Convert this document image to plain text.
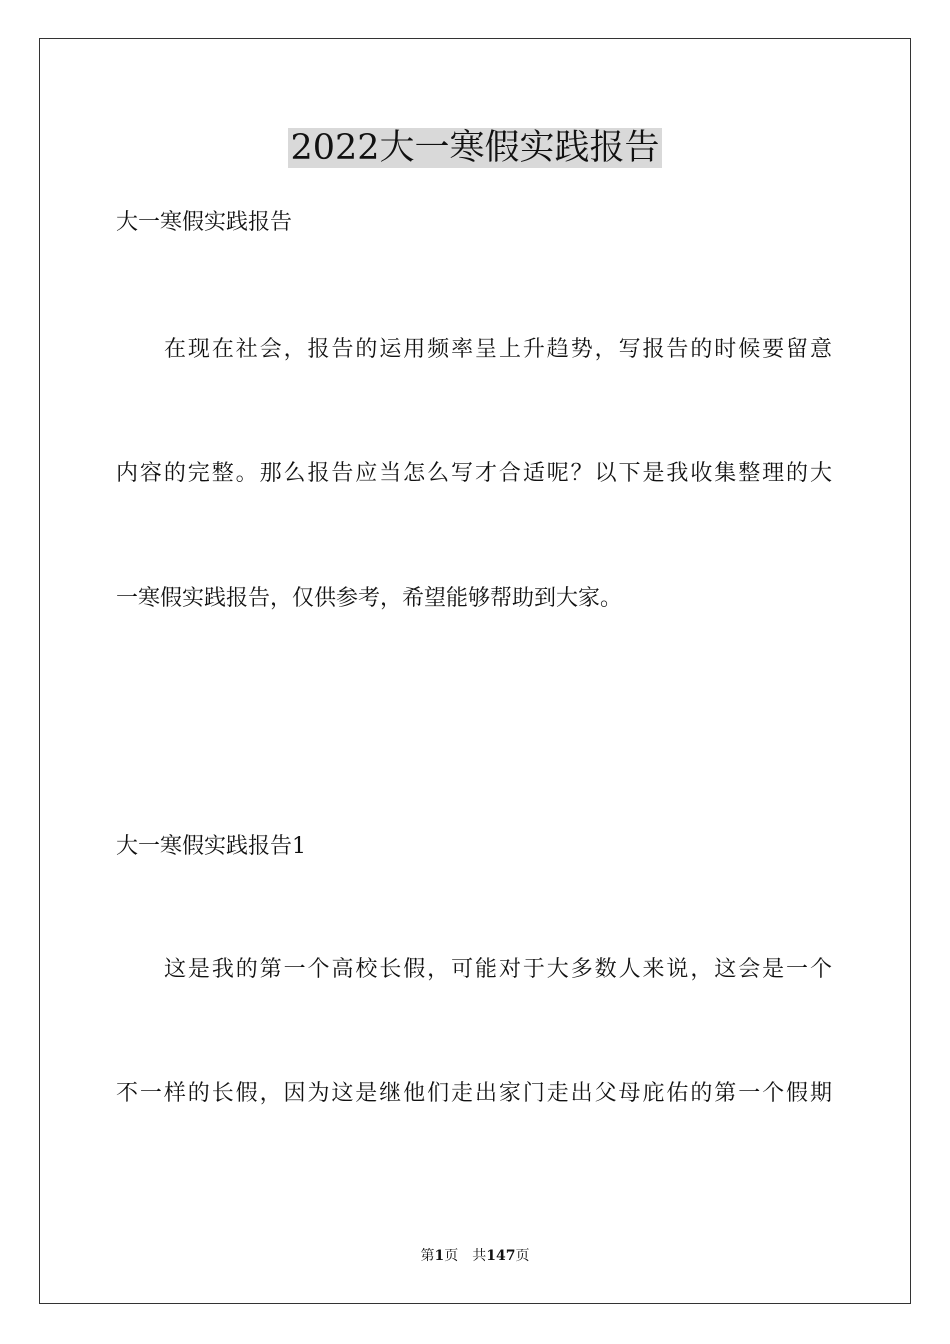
2022大一寒假实践报告

大一寒假实践报告

在现在社会，报告的运用频率呈上升趋势，写报告的时候要留意

内容的完整。那么报告应当怎么写才合适呢？以下是我收集整理的大

一寒假实践报告，仅供参考，希望能够帮助到大家。

大一寒假实践报告1

这是我的第一个高校长假，可能对于大多数人来说，这会是一个

不一样的长假，因为这是继他们走出家门走出父母庇佑的第一个假期

第1页 共147页
